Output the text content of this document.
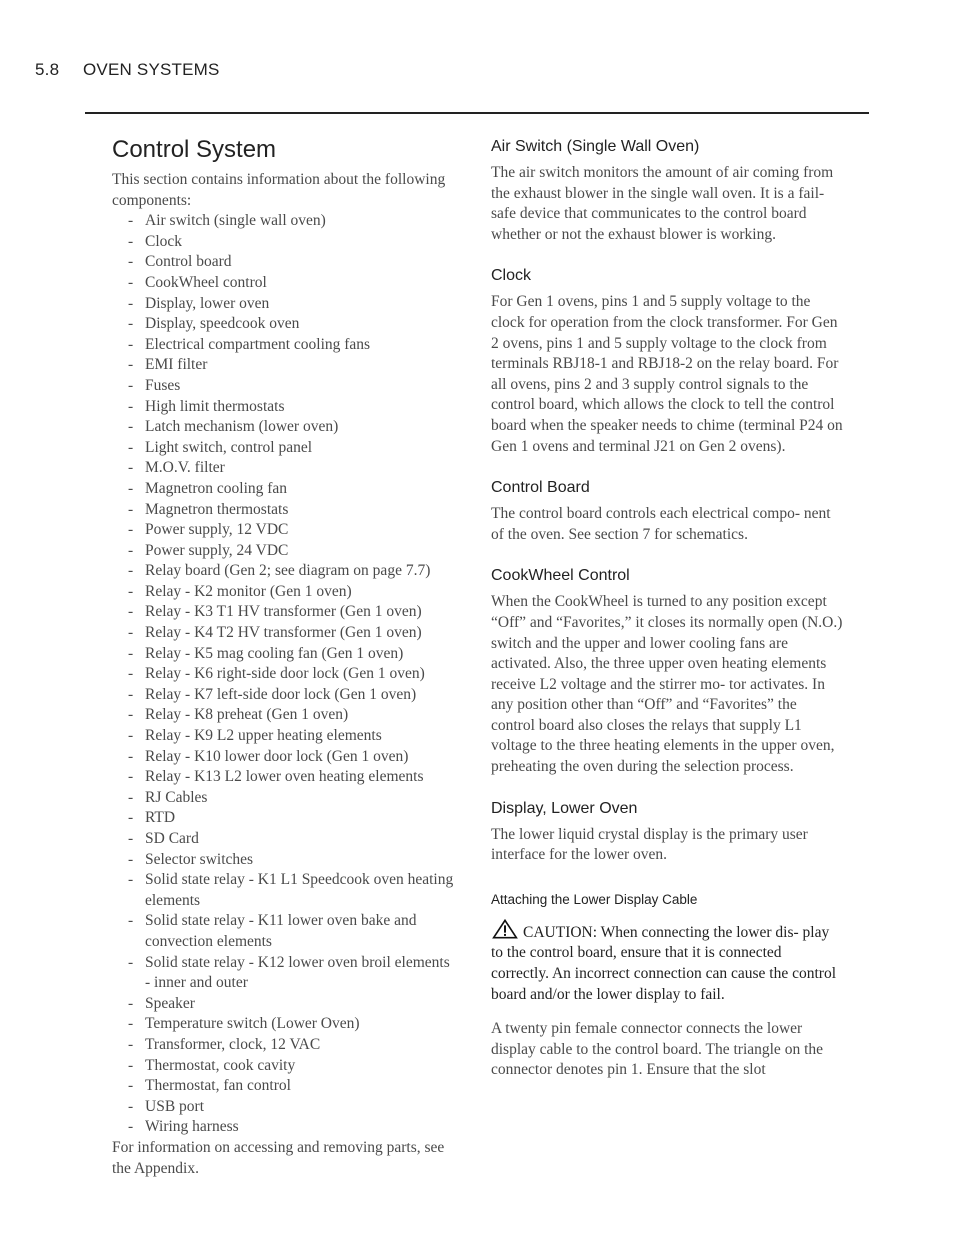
5.8 OVEN SYSTEMS
Control System

This section contains information about the following components:

- Air switch (single wall oven)
- Clock
- Control board
- CookWheel control
- Display, lower oven
- Display, speedcook oven
- Electrical compartment cooling fans
- EMI filter
- Fuses
- High limit thermostats
- Latch mechanism (lower oven)
- Light switch, control panel
- M.O.V. filter
- Magnetron cooling fan
- Magnetron thermostats
- Power supply, 12 VDC
- Power supply, 24 VDC
- Relay board (Gen 2; see diagram on page 7.7)
- Relay - K2 monitor (Gen 1 oven)
- Relay - K3 T1 HV transformer (Gen 1 oven)
- Relay - K4 T2 HV transformer (Gen 1 oven)
- Relay - K5 mag cooling fan (Gen 1 oven)
- Relay - K6 right-side door lock (Gen 1 oven)
- Relay - K7 left-side door lock (Gen 1 oven)
- Relay - K8 preheat (Gen 1 oven)
- Relay - K9 L2 upper heating elements
- Relay - K10 lower door lock (Gen 1 oven)
- Relay - K13 L2 lower oven heating elements
- RJ Cables
- RTD
- SD Card
- Selector switches
- Solid state relay - K1 L1 Speedcook oven heating elements
- Solid state relay - K11 lower oven bake and convection elements
- Solid state relay - K12 lower oven broil elements - inner and outer
- Speaker
- Temperature switch (Lower Oven)
- Transformer, clock, 12 VAC
- Thermostat, cook cavity
- Thermostat, fan control
- USB port
- Wiring harness

For information on accessing and removing parts, see the Appendix.

Air Switch (Single Wall Oven)

The air switch monitors the amount of air coming from the exhaust blower in the single wall oven. It is a fail-safe device that communicates to the control board whether or not the exhaust blower is working.

Clock

For Gen 1 ovens, pins 1 and 5 supply voltage to the clock for operation from the clock transformer. For Gen 2 ovens, pins 1 and 5 supply voltage to the clock from terminals RBJ18-1 and RBJ18-2 on the relay board. For all ovens, pins 2 and 3 supply control signals to the control board, which allows the clock to tell the control board when the speaker needs to chime (terminal P24 on Gen 1 ovens and terminal J21 on Gen 2 ovens).

Control Board

The control board controls each electrical compo- nent of the oven. See section 7 for schematics.

CookWheel Control

When the CookWheel is turned to any position except “Off” and “Favorites,” it closes its normally open (N.O.) switch and the upper and lower cooling fans are activated. Also, the three upper oven heating elements receive L2 voltage and the stirrer mo- tor activates. In any position other than “Off” and “Favorites” the control board also closes the relays that supply L1 voltage to the three heating elements in the upper oven, preheating the oven during the selection process.

Display, Lower Oven

The lower liquid crystal display is the primary user interface for the lower oven.

Attaching the Lower Display Cable

CAUTION: When connecting the lower dis- play to the control board, ensure that it is connected correctly. An incorrect connection can cause the control board and/or the lower display to fail.

A twenty pin female connector connects the lower display cable to the control board. The triangle on the connector denotes pin 1. Ensure that the slot
